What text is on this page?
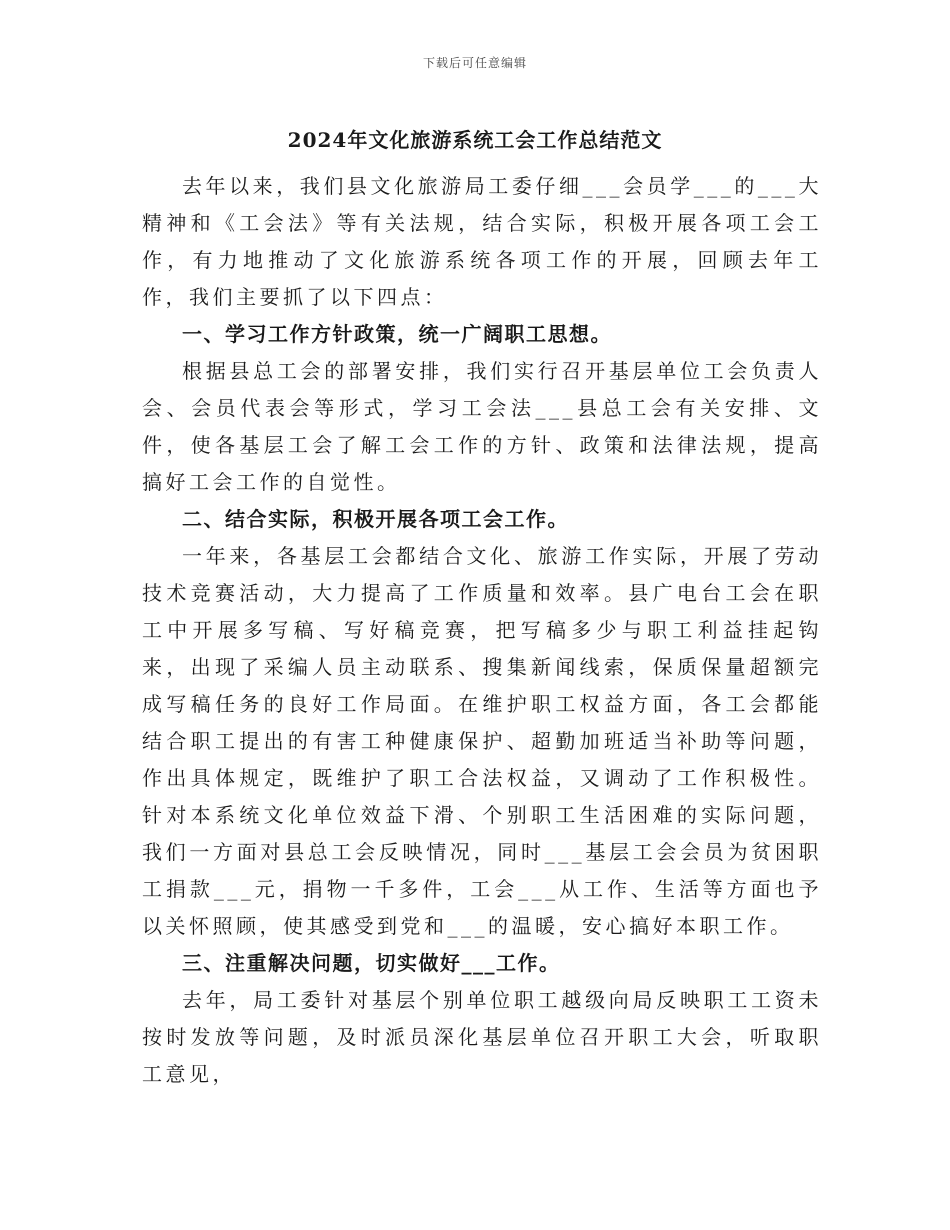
下载后可任意编辑
2024年文化旅游系统工会工作总结范文

去年以来，我们县文化旅游局工委仔细___会员学___的___大精神和《工会法》等有关法规，结合实际，积极开展各项工会工作，有力地推动了文化旅游系统各项工作的开展，回顾去年工作，我们主要抓了以下四点：

一、学习工作方针政策，统一广阔职工思想。

根据县总工会的部署安排，我们实行召开基层单位工会负责人会、会员代表会等形式，学习工会法___县总工会有关安排、文件，使各基层工会了解工会工作的方针、政策和法律法规，提高搞好工会工作的自觉性。

二、结合实际，积极开展各项工会工作。

一年来，各基层工会都结合文化、旅游工作实际，开展了劳动技术竞赛活动，大力提高了工作质量和效率。县广电台工会在职工中开展多写稿、写好稿竞赛，把写稿多少与职工利益挂起钩来，出现了采编人员主动联系、搜集新闻线索，保质保量超额完成写稿任务的良好工作局面。在维护职工权益方面，各工会都能结合职工提出的有害工种健康保护、超勤加班适当补助等问题，作出具体规定，既维护了职工合法权益，又调动了工作积极性。针对本系统文化单位效益下滑、个别职工生活困难的实际问题，我们一方面对县总工会反映情况，同时___基层工会会员为贫困职工捐款___元，捐物一千多件，工会___从工作、生活等方面也予以关怀照顾，使其感受到党和___的温暖，安心搞好本职工作。

三、注重解决问题，切实做好___工作。

去年，局工委针对基层个别单位职工越级向局反映职工工资未按时发放等问题，及时派员深化基层单位召开职工大会，听取职工意见，
